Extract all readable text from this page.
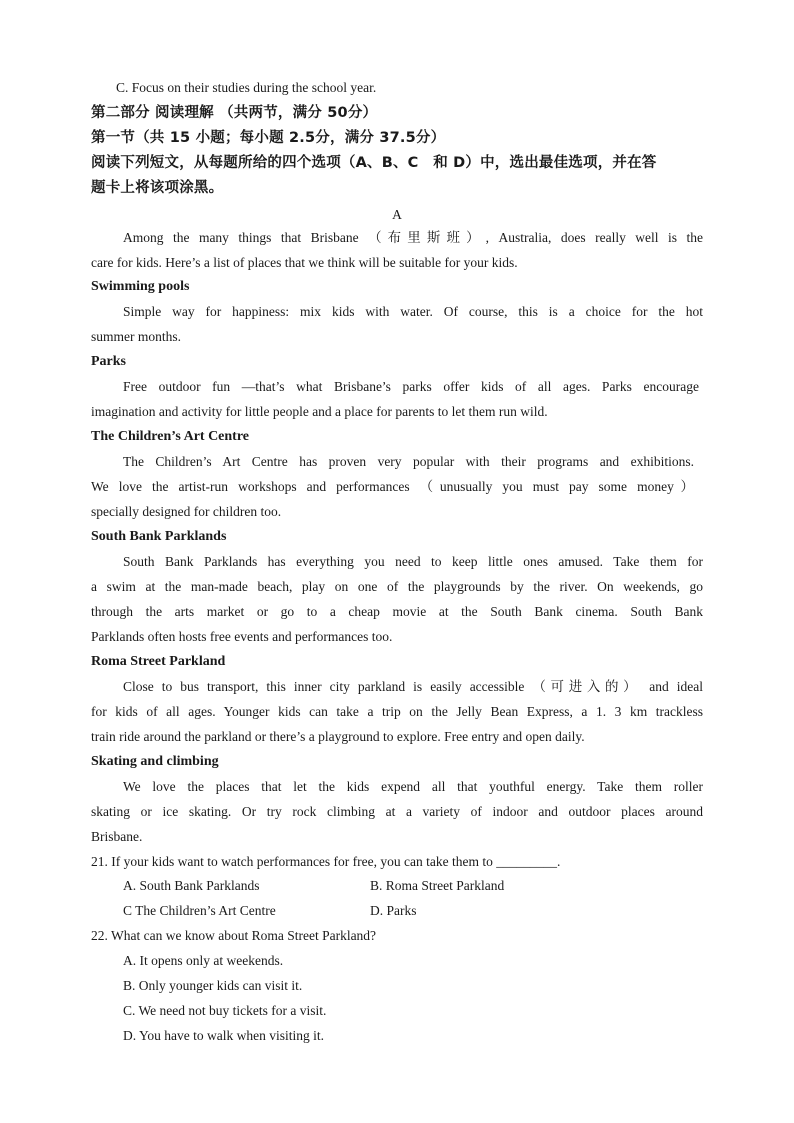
C. Focus on their studies during the school year.
第二部分 阅读理解 （共两节，满分 50分）
第一节（共 15 小题；每小题 2.5分，满分 37.5分）
阅读下列短文，从每题所给的四个选项（A、B、C　和 D）中，选出最佳选项，并在答
题卡上将该项涂黑。
A
Among the many things that Brisbane （布里斯班）, Australia, does really well is the
care for kids. Here’s a list of places that we think will be suitable for your kids.
Swimming pools
Simple way for happiness: mix kids with water. Of course, this is a choice for the hot
summer months.
Parks
Free outdoor fun —that’s what Brisbane’s parks offer kids of all ages. Parks encourage
imagination and activity for little people and a place for parents to let them run wild.
The Children’s Art Centre
The Children’s Art Centre has proven very popular with their programs and exhibitions.
We love the artist-run workshops and performances （unusually you must pay some money）
specially designed for children too.
South Bank Parklands
South Bank Parklands has everything you need to keep little ones amused. Take them for
a swim at the man-made beach, play on one of the playgrounds by the river. On weekends, go
through the arts market or go to a cheap movie at the South Bank cinema. South Bank
Parklands often hosts free events and performances too.
Roma Street Parkland
Close to bus transport, this inner city parkland is easily accessible （可进入的） and ideal
for kids of all ages. Younger kids can take a trip on the Jelly Bean Express, a 1. 3 km trackless
train ride around the parkland or there’s a playground to explore. Free entry and open daily.
Skating and climbing
We love the places that let the kids expend all that youthful energy. Take them roller
skating or ice skating. Or try rock climbing at a variety of indoor and outdoor places around
Brisbane.
21. If your kids want to watch performances for free, you can take them to _________.
A. South Bank Parklands	B. Roma Street Parkland
C The Children’s Art Centre	D. Parks
22. What can we know about Roma Street Parkland?
A. It opens only at weekends.
B. Only younger kids can visit it.
C. We need not buy tickets for a visit.
D. You have to walk when visiting it.
